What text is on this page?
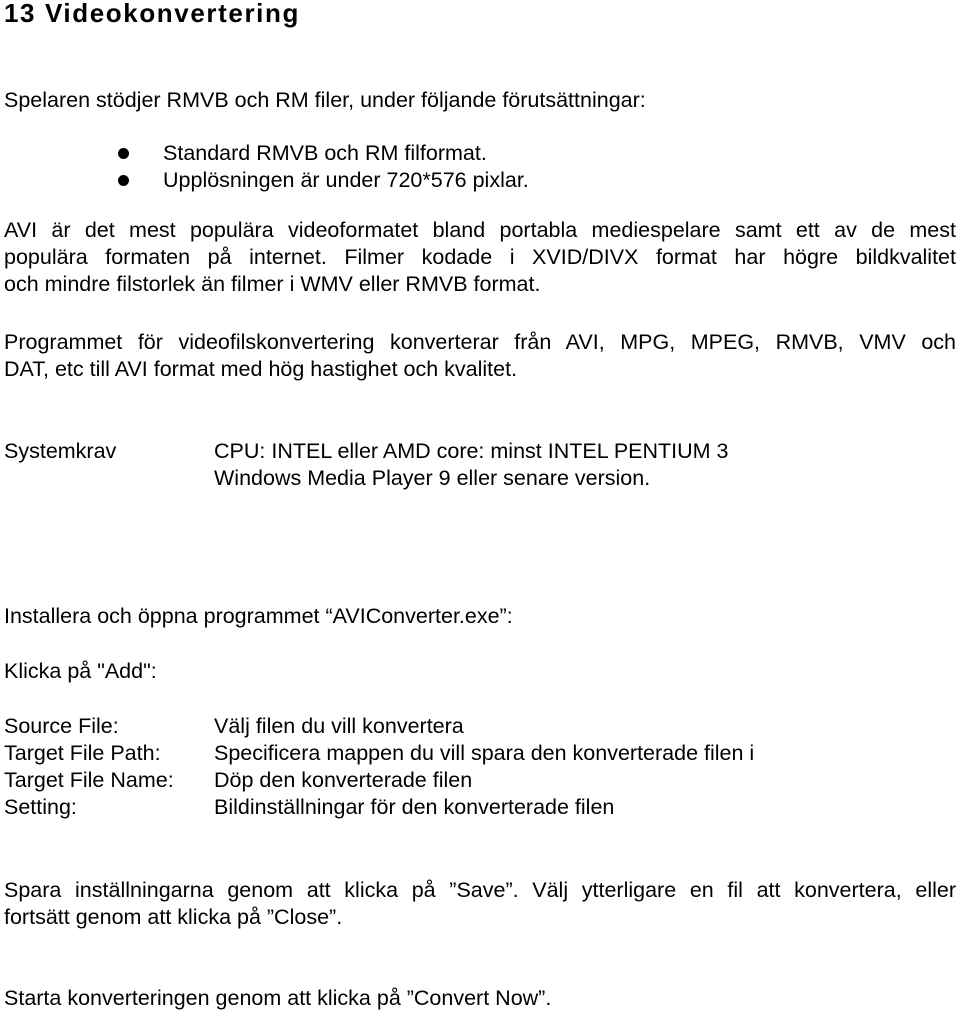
13 Videokonvertering
Spelaren stödjer RMVB och RM filer, under följande förutsättningar:
Standard RMVB och RM filformat.
Upplösningen är under 720*576 pixlar.
AVI är det mest populära videoformatet bland portabla mediespelare samt ett av de mest
populära formaten på internet. Filmer kodade i XVID/DIVX format har högre bildkvalitet
och mindre filstorlek än filmer i WMV eller RMVB format.
Programmet för videofilskonvertering konverterar från AVI, MPG, MPEG, RMVB, VMV och
DAT, etc till AVI format med hög hastighet och kvalitet.
Systemkrav	CPU: INTEL eller AMD core: minst INTEL PENTIUM 3
Windows Media Player 9 eller senare version.
Installera och öppna programmet “AVIConverter.exe”:
Klicka på "Add":
Source File:	Välj filen du vill konvertera
Target File Path: Specificera mappen du vill spara den konverterade filen i
Target File Name: Döp den konverterade filen
Setting:	Bildinställningar för den konverterade filen
Spara inställningarna genom att klicka på ”Save”. Välj ytterligare en fil att konvertera, eller
fortsätt genom att klicka på ”Close”.
Starta konverteringen genom att klicka på ”Convert Now”.
